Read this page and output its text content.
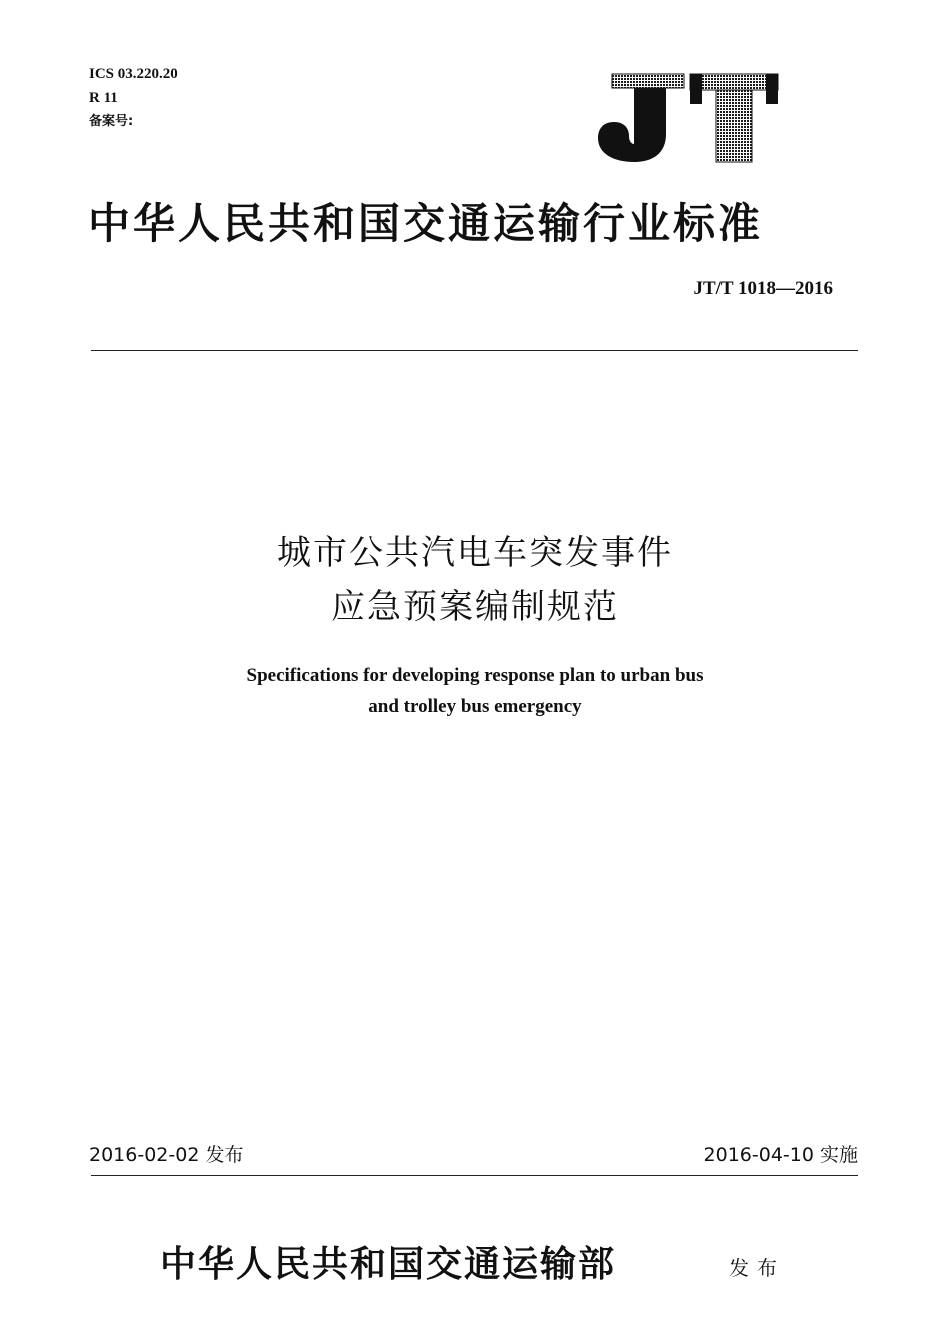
ICS 03.220.20
R 11
备案号:
中华人民共和国交通运输行业标准
JT/T 1018—2016
城市公共汽电车突发事件
应急预案编制规范
Specifications for developing response plan to urban bus
and trolley bus emergency
2016-02-02 发布	2016-04-10 实施
中华人民共和国交通运输部	发布
